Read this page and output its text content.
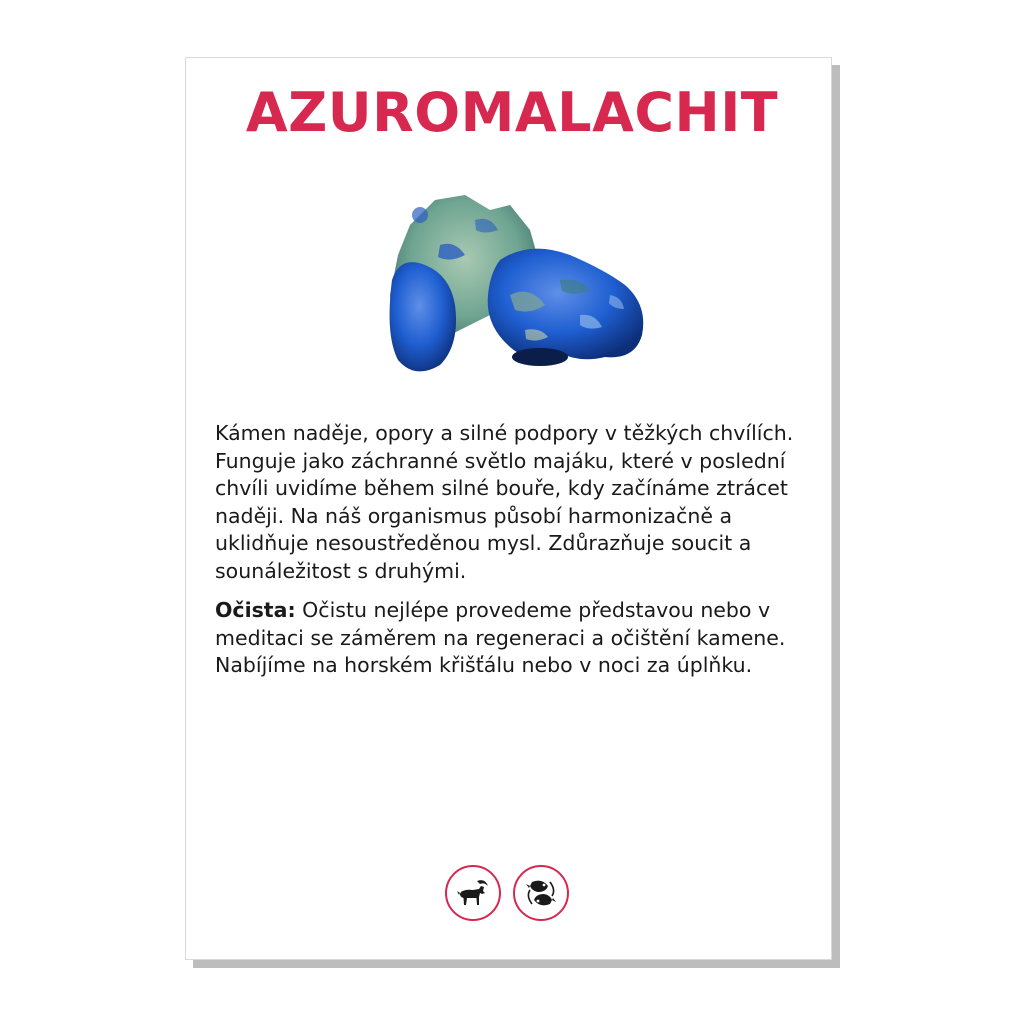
AZUROMALACHIT

Kámen naděje, opory a silné podpory v těžkých chvílích. Funguje jako záchranné světlo majáku, které v poslední chvíli uvidíme během silné bouře, kdy začínáme ztrácet naději. Na náš organismus působí harmonizačně a uklidňuje nesoustředěnou mysl. Zdůrazňuje soucit a sounáležitost s druhými.

Očista: Očistu nejlépe provedeme představou nebo v meditaci se záměrem na regeneraci a očištění kamene. Nabíjíme na horském křišťálu nebo v noci za úplňku.
